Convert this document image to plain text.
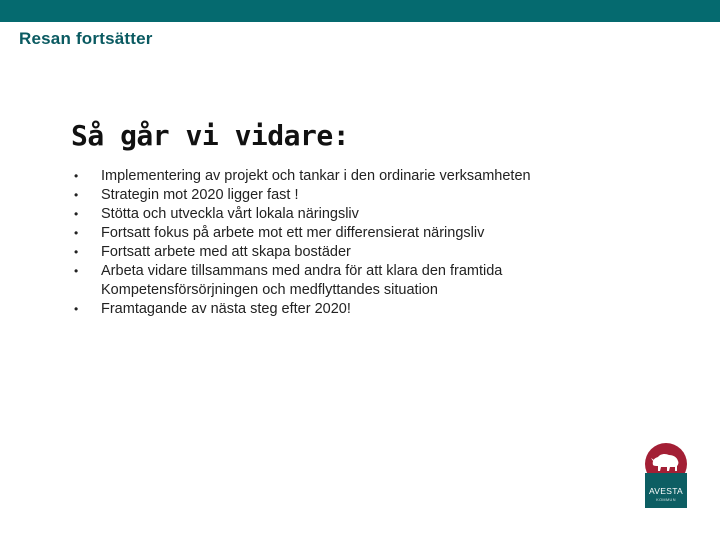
Resan fortsätter
Så går vi vidare:
•	Implementering av projekt och tankar i den ordinarie verksamheten
•	Strategin mot 2020 ligger fast !
•	Stötta och utveckla vårt lokala näringsliv
•	Fortsatt fokus på arbete mot ett mer differensierat näringsliv
•	Fortsatt arbete med att skapa bostäder
•	Arbeta vidare tillsammans med andra för att klara den framtida Kompetensförsörjningen och medflyttandes situation
•	Framtagande av nästa steg efter 2020!
AVESTA
KOMMUN
